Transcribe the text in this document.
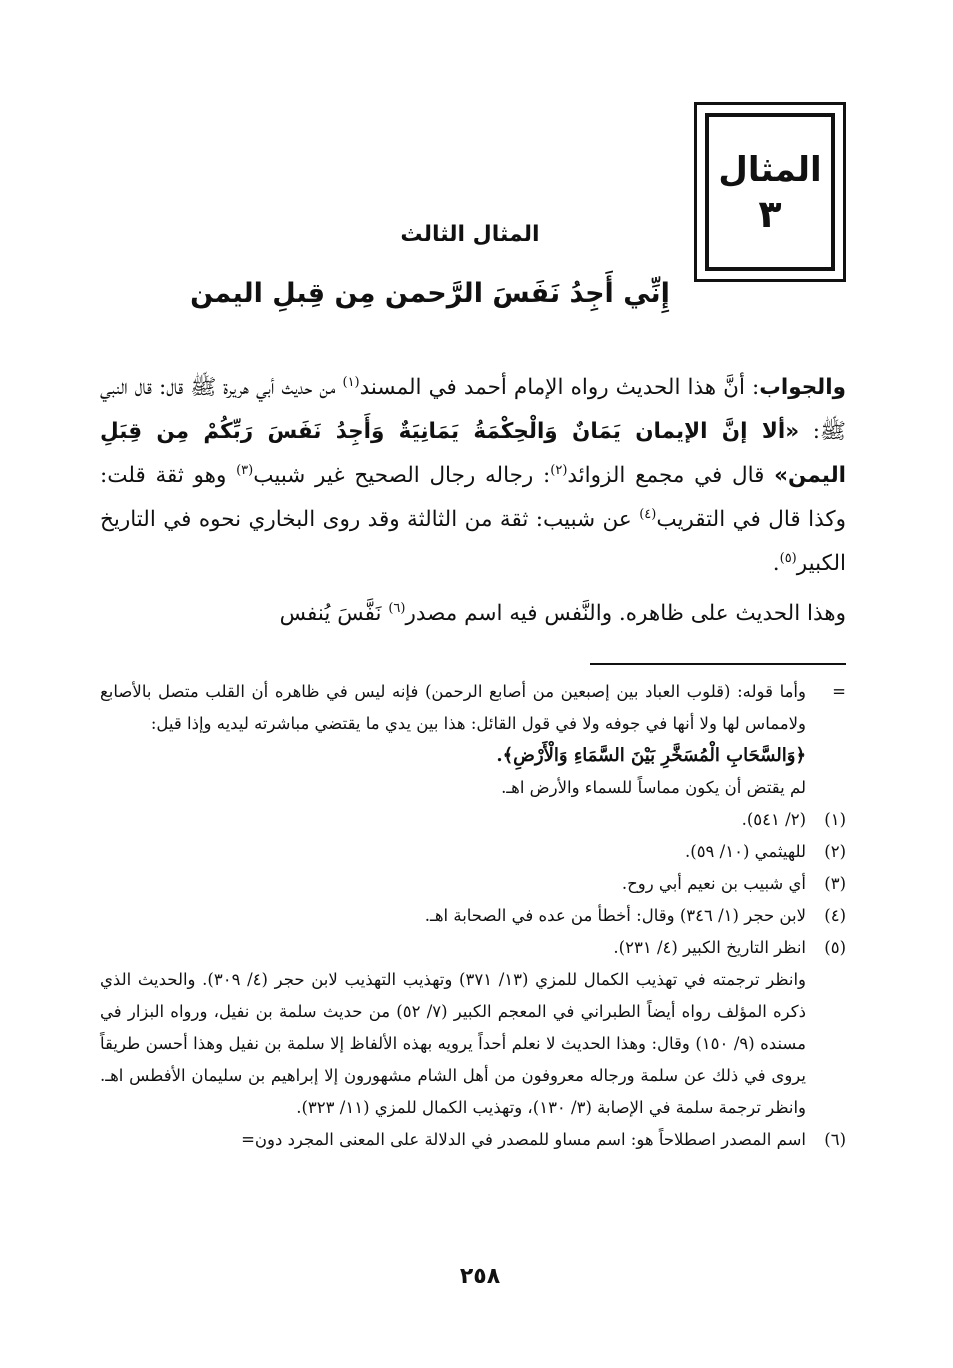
المثال
٣
المثال الثالث
إِنِّي أَجِدُ نَفَسَ الرَّحمن مِن قِبلِ اليمن

والجواب: أنَّ هذا الحديث رواه الإمام أحمد في المسند$^{(١)}$ من حديث أبي هريرة ﷺ قال: قال النبي ﷺ: «ألا إنَّ الإيمان يَمَانٌ وَالْحِكْمَةُ يَمَانِيَةٌ وَأَجِدُ نَفَسَ رَبِّكُمْ مِن قِبَلِ اليمن» قال في مجمع الزوائد$^{(٢)}$: رجاله رجال الصحيح غير شبيب$^{(٣)}$ وهو ثقة قلت: وكذا قال في التقريب$^{(٤)}$ عن شبيب: ثقة من الثالثة وقد روى البخاري نحوه في التاريخ الكبير$^{(٥)}$.

وهذا الحديث على ظاهره. والنَّفس فيه اسم مصدر$^{(٦)}$ نَفَّسَ يُنفس

=
وأما قوله: (قلوب العباد بين إصبعين من أصابع الرحمن) فإنه ليس في ظاهره أن القلب متصل بالأصابع ولامماس لها ولا أنها في جوفه ولا في قول القائل: هذا بين يدي ما يقتضي مباشرته ليديه وإذا قيل:
﴿وَالسَّحَابِ الْمُسَخَّرِ بَيْنَ السَّمَاءِ وَالْأَرْضِ﴾.
لم يقتض أن يكون مماساً للسماء والأرض اهـ.
(١)
(٢/ ٥٤١).
(٢)
للهيثمي (١٠/ ٥٩).
(٣)
أي شبيب بن نعيم أبي روح.
(٤)
لابن حجر (١/ ٣٤٦) وقال: أخطأ من عده في الصحابة اهـ.
(٥)
انظر التاريخ الكبير (٤/ ٢٣١).
وانظر ترجمته في تهذيب الكمال للمزي (١٣/ ٣٧١) وتهذيب التهذيب لابن حجر (٤/ ٣٠٩). والحديث الذي ذكره المؤلف رواه أيضاً الطبراني في المعجم الكبير (٧/ ٥٢) من حديث سلمة بن نفيل، ورواه البزار في مسنده (٩/ ١٥٠) وقال: وهذا الحديث لا نعلم أحداً يرويه بهذه الألفاظ إلا سلمة بن نفيل وهذا أحسن طريقاً يروى في ذلك عن سلمة ورجاله معروفون من أهل الشام مشهورون إلا إبراهيم بن سليمان الأفطس اهـ. وانظر ترجمة سلمة في الإصابة (٣/ ١٣٠)، وتهذيب الكمال للمزي (١١/ ٣٢٣).
(٦)
اسم المصدر اصطلاحاً هو: اسم مساو للمصدر في الدلالة على المعنى المجرد دون=
٢٥٨
